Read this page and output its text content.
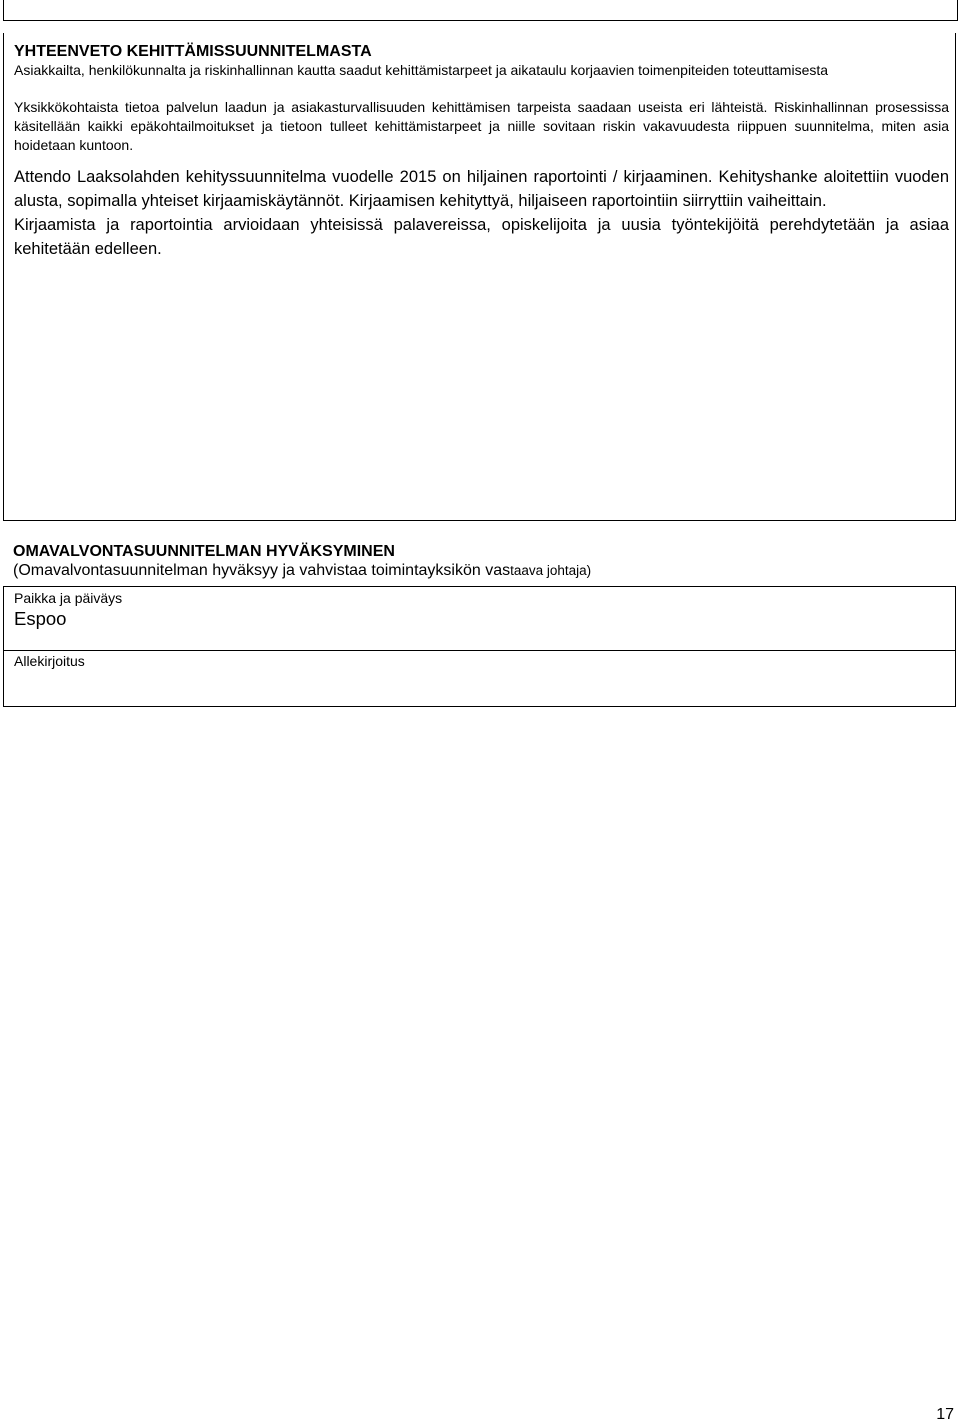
YHTEENVETO KEHITTÄMISSUUNNITELMASTA

Asiakkailta, henkilökunnalta ja riskinhallinnan kautta saadut kehittämistarpeet ja aikataulu korjaavien toimenpiteiden toteuttamisesta

Yksikkökohtaista tietoa palvelun laadun ja asiakasturvallisuuden kehittämisen tarpeista saadaan useista eri lähteistä. Riskinhallinnan prosessissa käsitellään kaikki epäkohtailmoitukset ja tietoon tulleet kehittämistarpeet ja niille sovitaan riskin vakavuudesta riippuen suunnitelma, miten asia hoidetaan kuntoon.

Attendo Laaksolahden kehityssuunnitelma vuodelle 2015 on hiljainen raportointi / kirjaaminen. Kehityshanke aloitettiin vuoden alusta, sopimalla yhteiset kirjaamiskäytännöt. Kirjaamisen kehityttyä, hiljaiseen raportointiin siirryttiin vaiheittain.

Kirjaamista ja raportointia arvioidaan yhteisissä palavereissa, opiskelijoita ja uusia työntekijöitä perehdytetään ja asiaa kehitetään edelleen.

OMAVALVONTASUUNNITELMAN HYVÄKSYMINEN

(Omavalvontasuunnitelman hyväksyy ja vahvistaa toimintayksikön vastaava johtaja)

Paikka ja päiväys
Espoo
Allekirjoitus
17
